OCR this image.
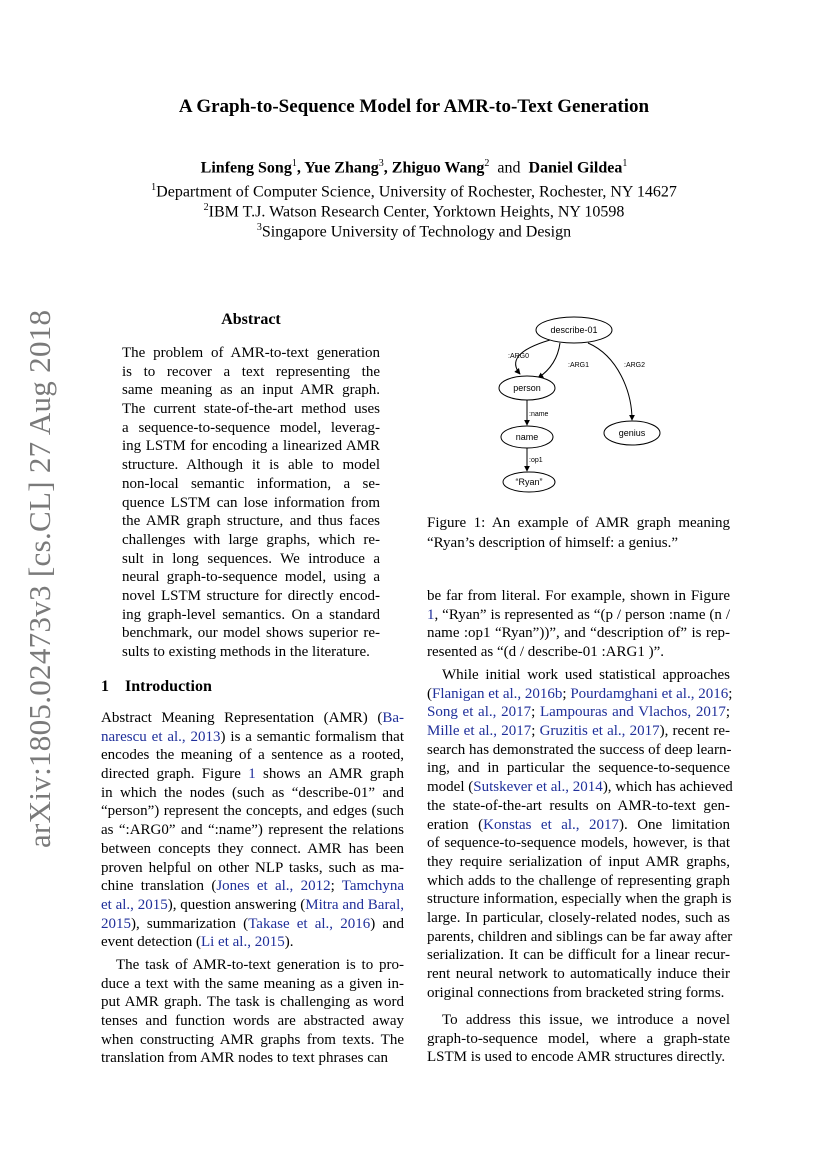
arXiv:1805.02473v3 [cs.CL] 27 Aug 2018
A Graph-to-Sequence Model for AMR-to-Text Generation
Linfeng Song$^1$, Yue Zhang$^3$, Zhiguo Wang$^2$ and Daniel Gildea$^1$
$^1$Department of Computer Science, University of Rochester, Rochester, NY 14627
$^2$IBM T.J. Watson Research Center, Yorktown Heights, NY 10598
$^3$Singapore University of Technology and Design
Abstract
The problem of AMR-to-text generation
is to recover a text representing the
same meaning as an input AMR graph.
The current state-of-the-art method uses
a sequence-to-sequence model, leverag-
ing LSTM for encoding a linearized AMR
structure. Although it is able to model
non-local semantic information, a se-
quence LSTM can lose information from
the AMR graph structure, and thus faces
challenges with large graphs, which re-
sult in long sequences. We introduce a
neural graph-to-sequence model, using a
novel LSTM structure for directly encod-
ing graph-level semantics. On a standard
benchmark, our model shows superior re-
sults to existing methods in the literature.
1 Introduction
Abstract Meaning Representation (AMR) (Ba-
narescu et al., 2013) is a semantic formalism that
encodes the meaning of a sentence as a rooted,
directed graph. Figure 1 shows an AMR graph
in which the nodes (such as “describe-01” and
“person”) represent the concepts, and edges (such
as “:ARG0” and “:name”) represent the relations
between concepts they connect. AMR has been
proven helpful on other NLP tasks, such as ma-
chine translation (Jones et al., 2012; Tamchyna
et al., 2015), question answering (Mitra and Baral,
2015), summarization (Takase et al., 2016) and
event detection (Li et al., 2015).
The task of AMR-to-text generation is to pro-
duce a text with the same meaning as a given in-
put AMR graph. The task is challenging as word
tenses and function words are abstracted away
when constructing AMR graphs from texts. The
translation from AMR nodes to text phrases can
describe-01
person
name	genius
“Ryan”
:ARG0
:ARG1	:ARG2
:name
:op1
Figure 1: An example of AMR graph meaning
“Ryan’s description of himself: a genius.”
be far from literal. For example, shown in Figure
1, “Ryan” is represented as “(p / person :name (n /
name :op1 “Ryan”))”, and “description of” is rep-
resented as “(d / describe-01 :ARG1 )”.
While initial work used statistical approaches
(Flanigan et al., 2016b; Pourdamghani et al., 2016;
Song et al., 2017; Lampouras and Vlachos, 2017;
Mille et al., 2017; Gruzitis et al., 2017), recent re-
search has demonstrated the success of deep learn-
ing, and in particular the sequence-to-sequence
model (Sutskever et al., 2014), which has achieved
the state-of-the-art results on AMR-to-text gen-
eration (Konstas et al., 2017). One limitation
of sequence-to-sequence models, however, is that
they require serialization of input AMR graphs,
which adds to the challenge of representing graph
structure information, especially when the graph is
large. In particular, closely-related nodes, such as
parents, children and siblings can be far away after
serialization. It can be difficult for a linear recur-
rent neural network to automatically induce their
original connections from bracketed string forms.
To address this issue, we introduce a novel
graph-to-sequence model, where a graph-state
LSTM is used to encode AMR structures directly.
